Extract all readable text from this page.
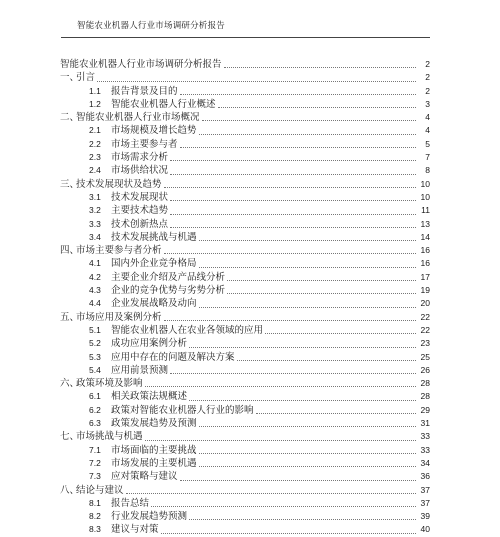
智能农业机器人行业市场调研分析报告
智能农业机器人行业市场调研分析报告	2
一、引言	2
1.1 报告背景及目的	2
1.2 智能农业机器人行业概述	3
二、智能农业机器人行业市场概况	4
2.1 市场规模及增长趋势	4
2.2 市场主要参与者	5
2.3 市场需求分析	7
2.4 市场供给状况	8
三、技术发展现状及趋势	10
3.1 技术发展现状	10
3.2 主要技术趋势	11
3.3 技术创新热点	13
3.4 技术发展挑战与机遇	14
四、市场主要参与者分析	16
4.1 国内外企业竞争格局	16
4.2 主要企业介绍及产品线分析	17
4.3 企业的竞争优势与劣势分析	19
4.4 企业发展战略及动向	20
五、市场应用及案例分析	22
5.1 智能农业机器人在农业各领域的应用	22
5.2 成功应用案例分析	23
5.3 应用中存在的问题及解决方案	25
5.4 应用前景预测	26
六、政策环境及影响	28
6.1 相关政策法规概述	28
6.2 政策对智能农业机器人行业的影响	29
6.3 政策发展趋势及预测	31
七、市场挑战与机遇	33
7.1 市场面临的主要挑战	33
7.2 市场发展的主要机遇	34
7.3 应对策略与建议	36
八、结论与建议	37
8.1 报告总结	37
8.2 行业发展趋势预测	39
8.3 建议与对策	40
